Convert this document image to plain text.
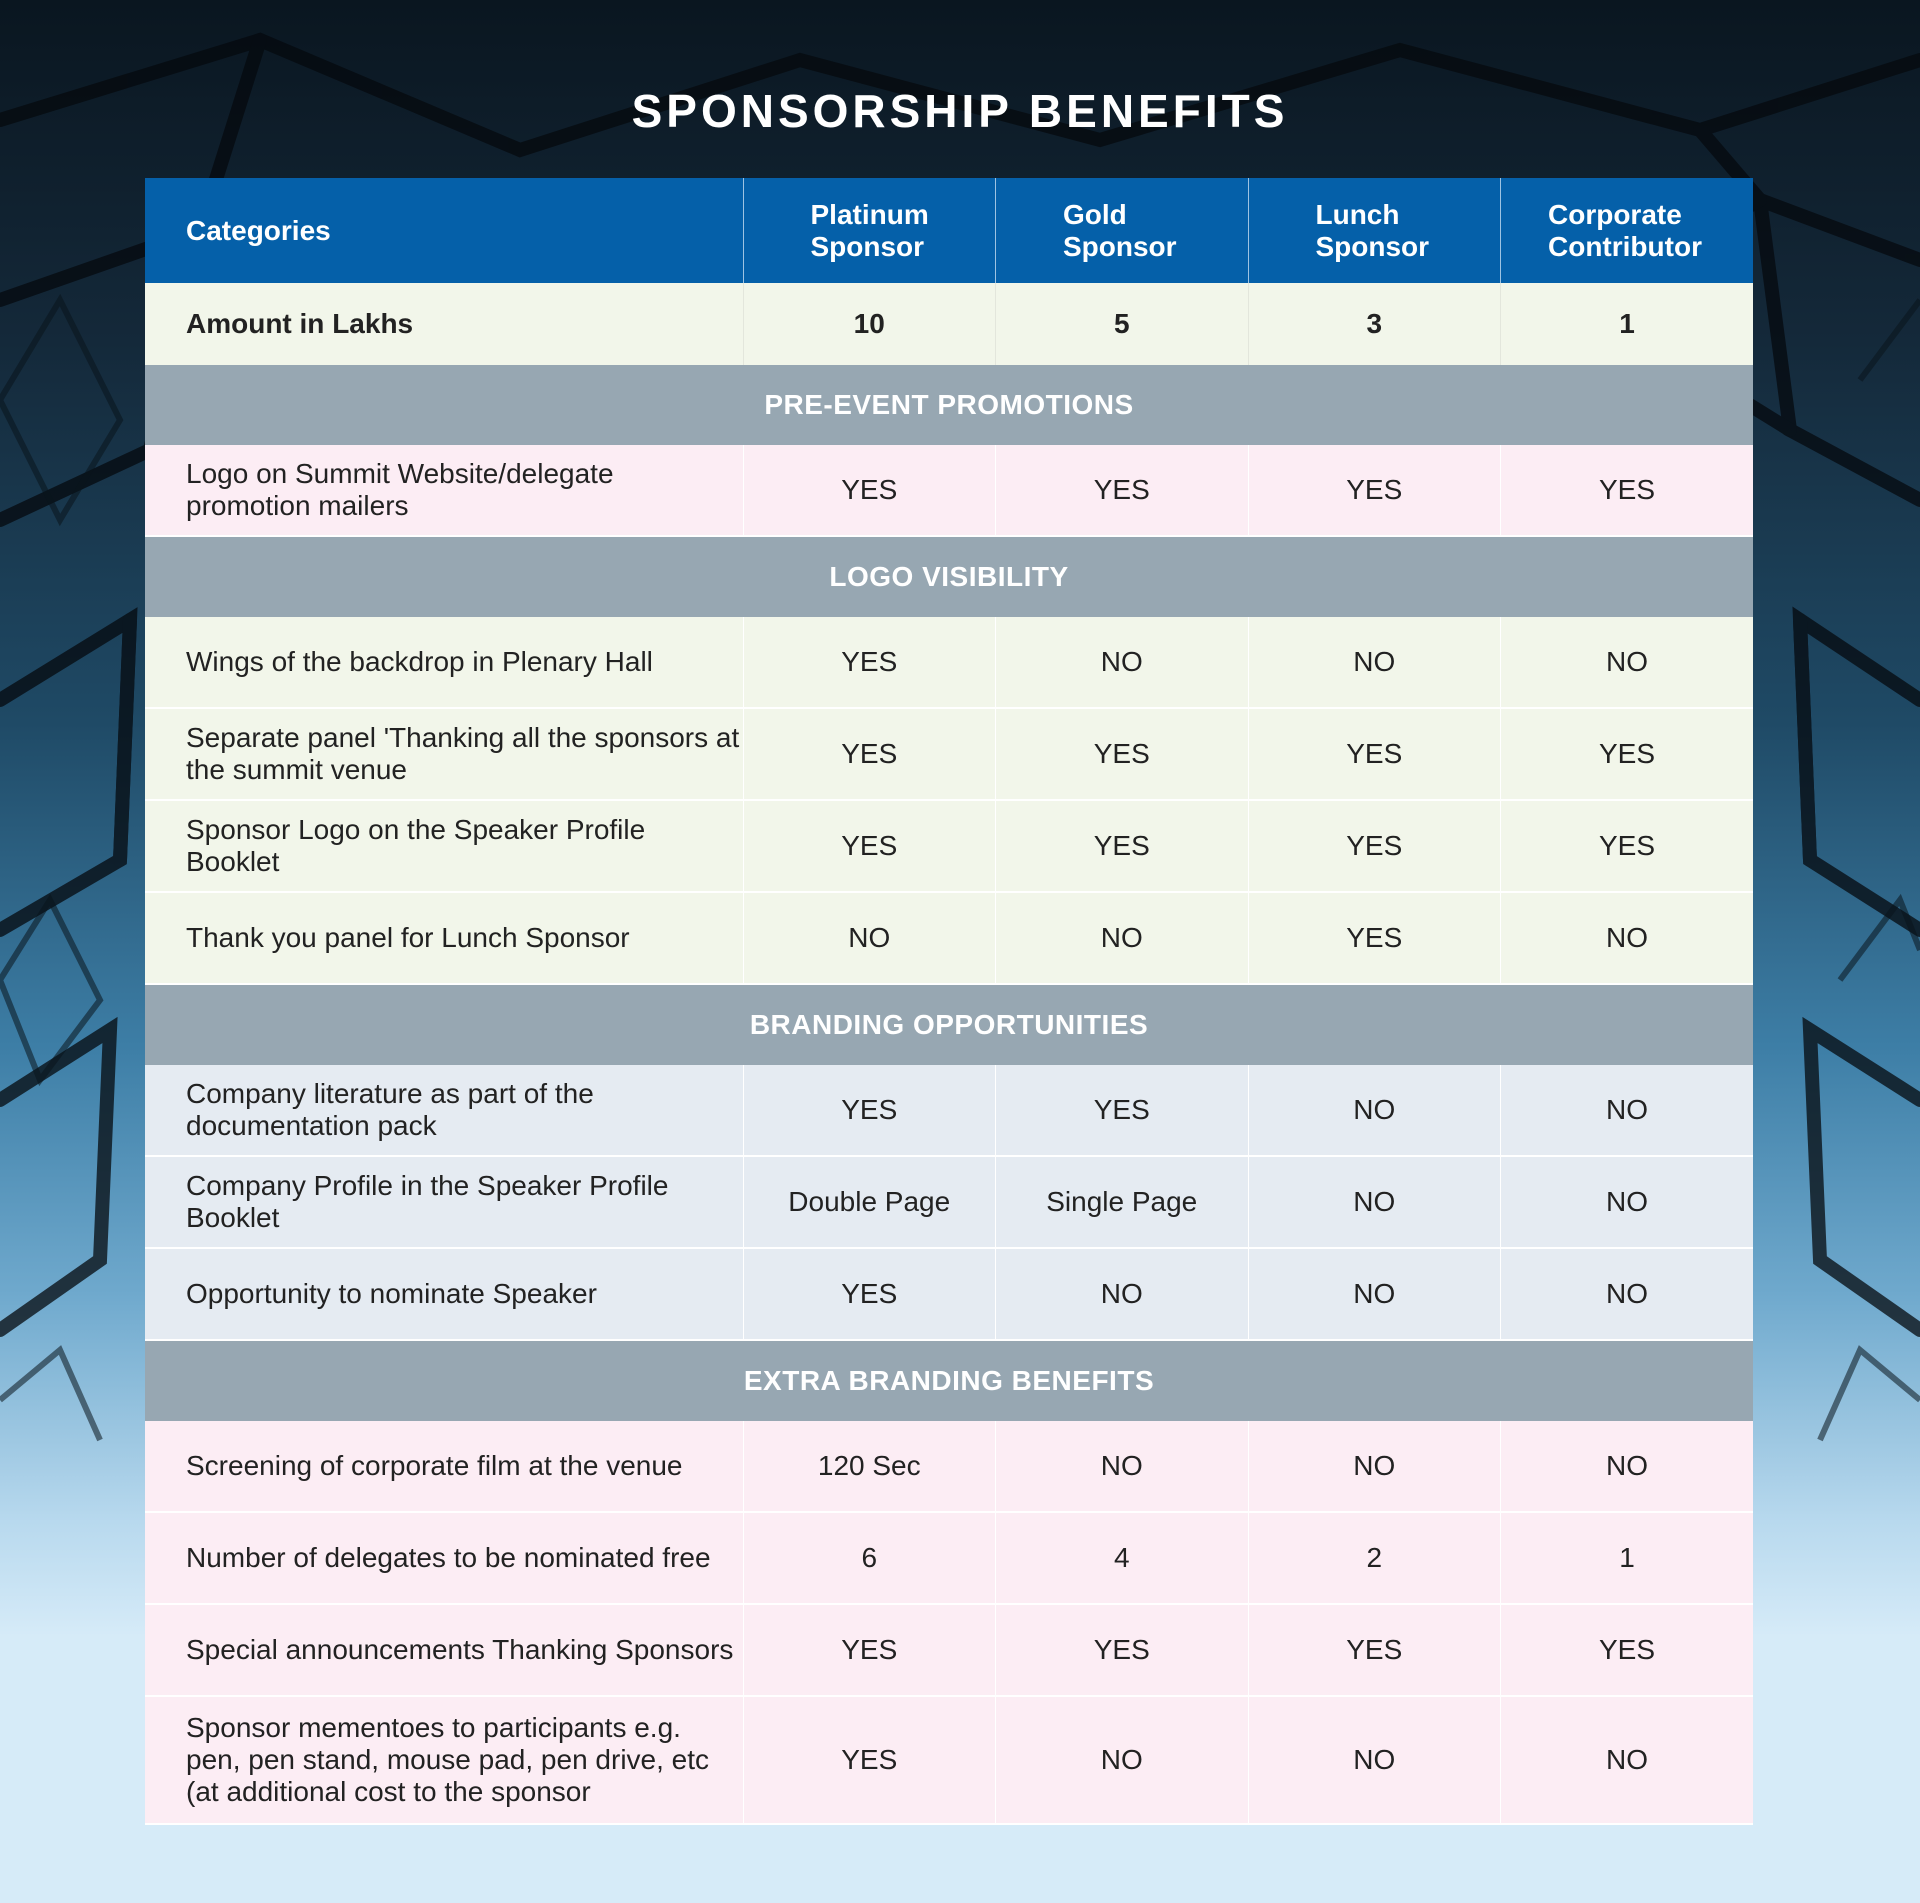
SPONSORSHIP BENEFITS
Categories	Platinum Sponsor	Gold Sponsor	Lunch Sponsor	Corporate Contributor
Amount in Lakhs	10	5	3	1
PRE-EVENT PROMOTIONS				
Logo on Summit Website/delegate promotion mailers	YES	YES	YES	YES
LOGO VISIBILITY				
Wings of the backdrop in Plenary Hall	YES	NO	NO	NO
Separate panel 'Thanking all the sponsors at the summit venue	YES	YES	YES	YES
Sponsor Logo on the Speaker Profile Booklet	YES	YES	YES	YES
Thank you panel for Lunch Sponsor	NO	NO	YES	NO
BRANDING OPPORTUNITIES				
Company literature as part of the documentation pack	YES	YES	NO	NO
Company Profile in the Speaker Profile Booklet	Double Page	Single Page	NO	NO
Opportunity to nominate Speaker	YES	NO	NO	NO
EXTRA BRANDING BENEFITS				
Screening of corporate film at the venue	120 Sec	NO	NO	NO
Number of delegates to be nominated free	6	4	2	1
Special announcements Thanking Sponsors	YES	YES	YES	YES
Sponsor mementoes to participants e.g. pen, pen stand, mouse pad, pen drive, etc (at additional cost to the sponsor	YES	NO	NO	NO
